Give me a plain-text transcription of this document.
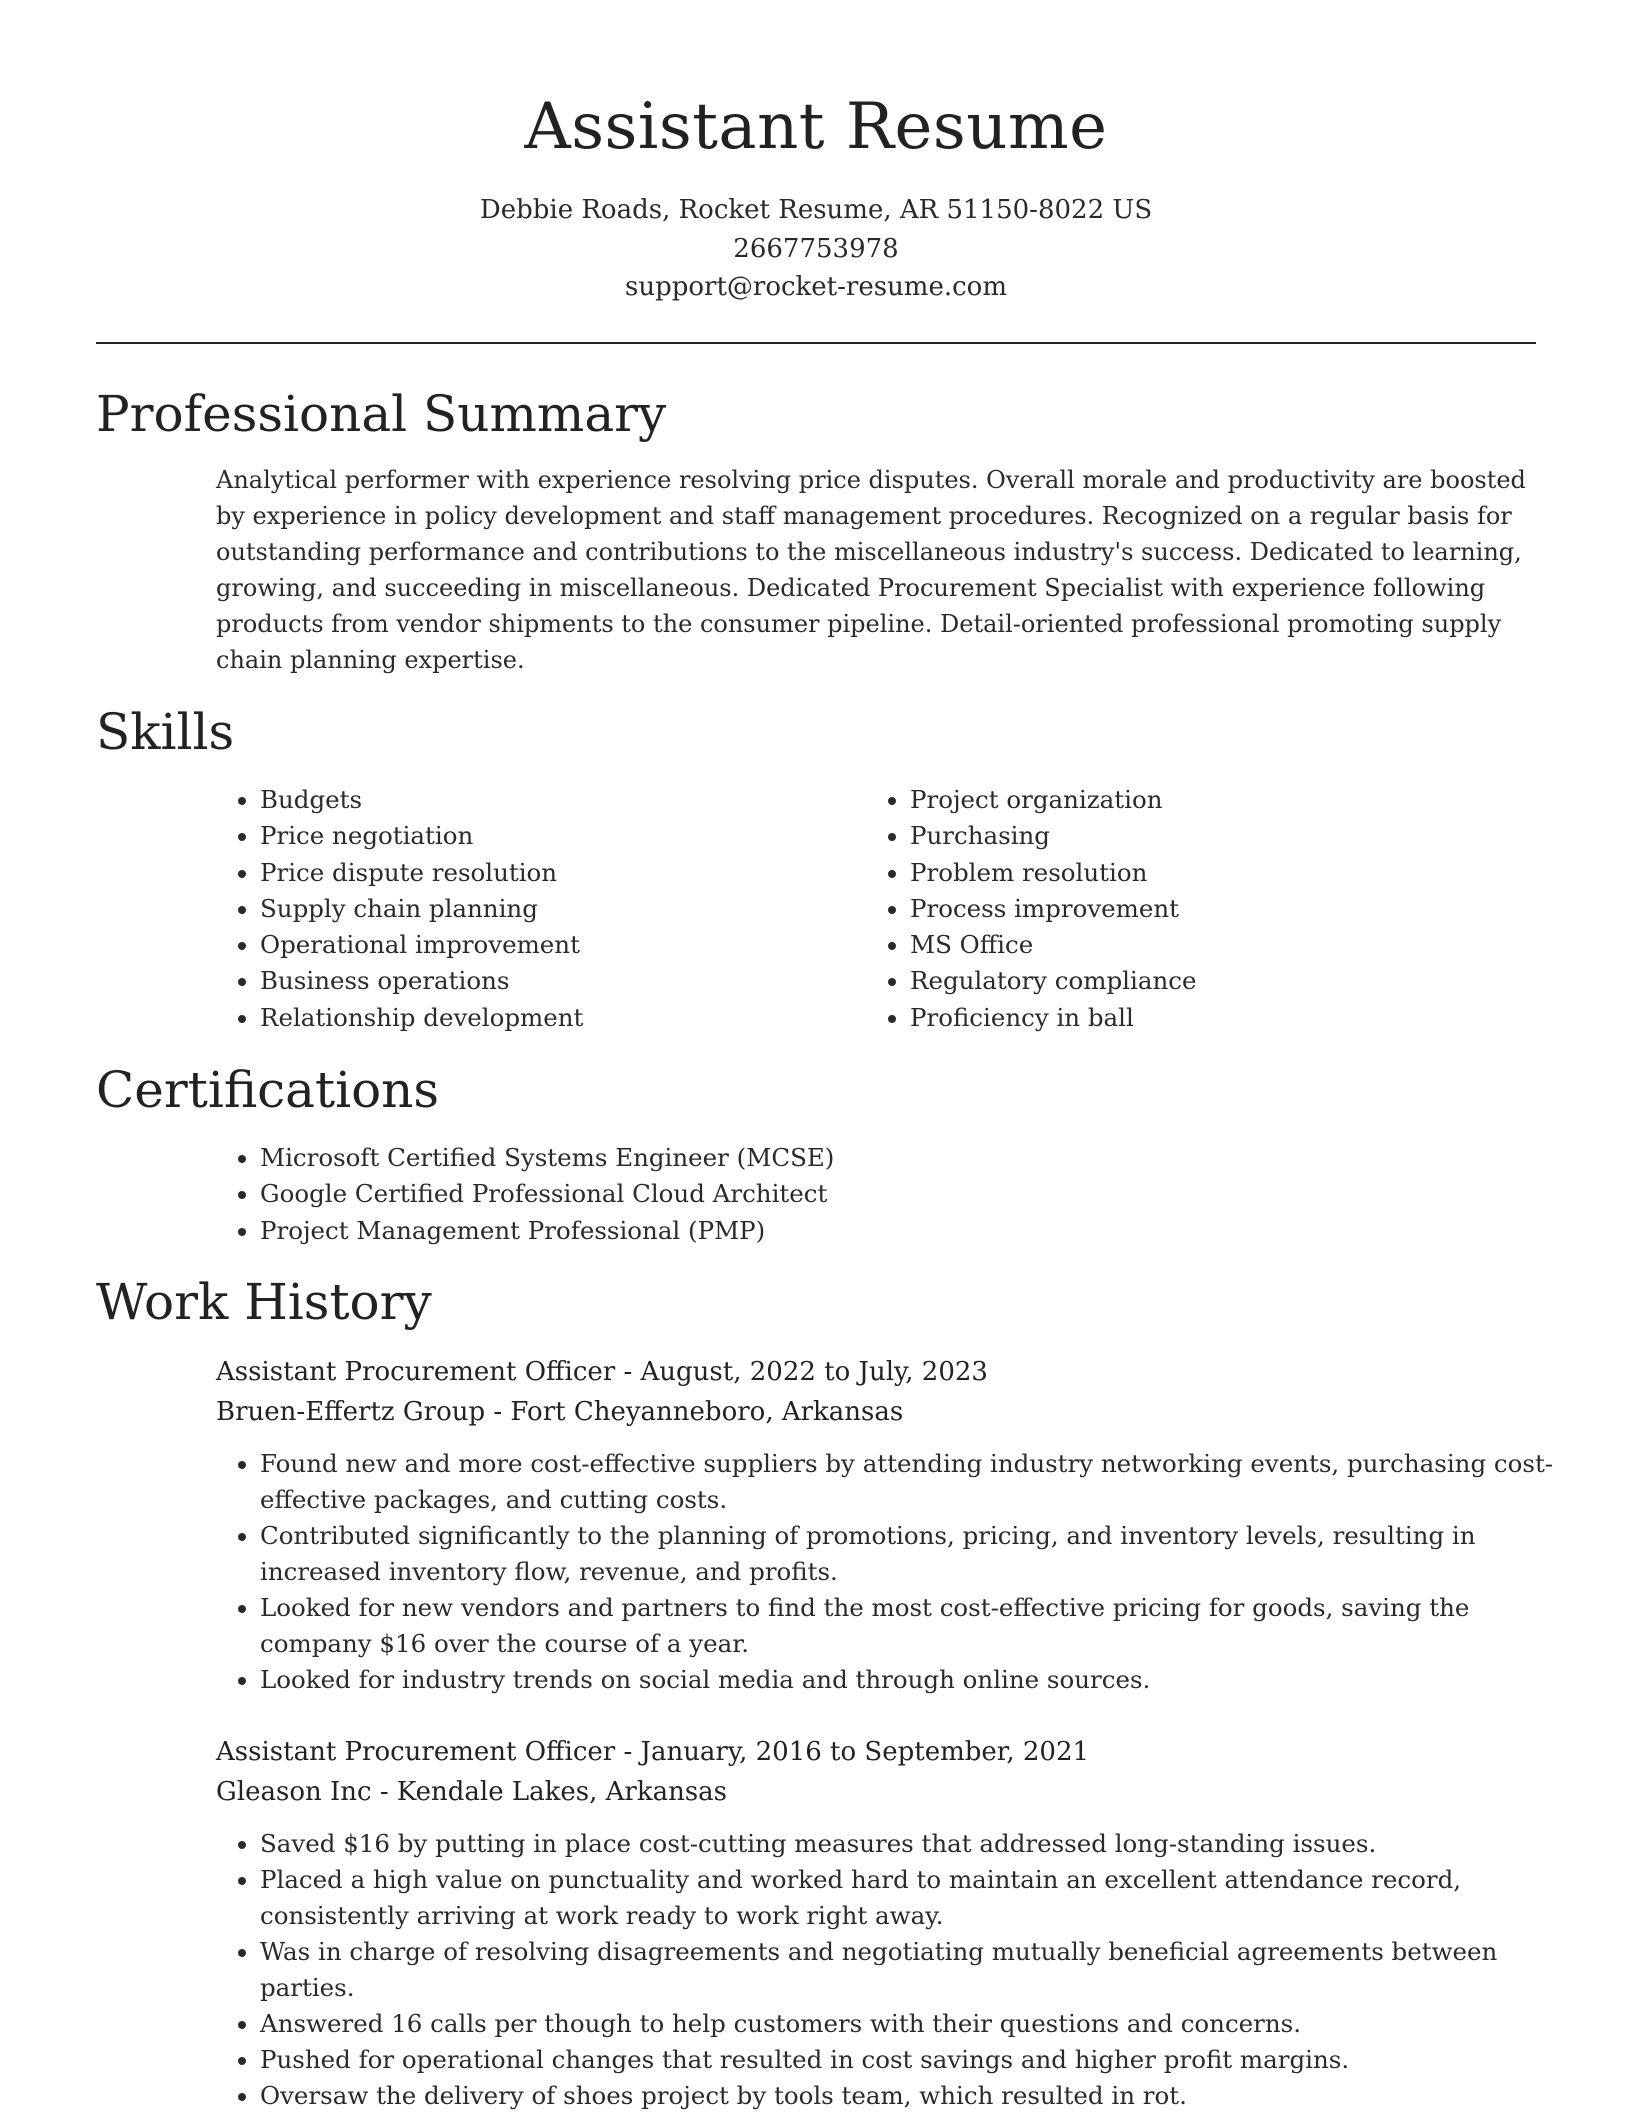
Assistant Resume
Debbie Roads, Rocket Resume, AR 51150-8022 US
2667753978
support@rocket-resume.com
Professional Summary

Analytical performer with experience resolving price disputes. Overall morale and productivity are boosted by experience in policy development and staff management procedures. Recognized on a regular basis for outstanding performance and contributions to the miscellaneous industry's success. Dedicated to learning, growing, and succeeding in miscellaneous. Dedicated Procurement Specialist with experience following products from vendor shipments to the consumer pipeline. Detail-oriented professional promoting supply chain planning expertise.

Skills
• Budgets
• Price negotiation
• Price dispute resolution
• Supply chain planning
• Operational improvement
• Business operations
• Relationship development
• Project organization
• Purchasing
• Problem resolution
• Process improvement
• MS Office
• Regulatory compliance
• Proficiency in ball
Certifications
• Microsoft Certified Systems Engineer (MCSE)
• Google Certified Professional Cloud Architect
• Project Management Professional (PMP)
Work History
Assistant Procurement Officer - August, 2022 to July, 2023
Bruen-Effertz Group - Fort Cheyanneboro, Arkansas
• Found new and more cost-effective suppliers by attending industry networking events, purchasing cost-effective packages, and cutting costs.
• Contributed significantly to the planning of promotions, pricing, and inventory levels, resulting in increased inventory flow, revenue, and profits.
• Looked for new vendors and partners to find the most cost-effective pricing for goods, saving the company $16 over the course of a year.
• Looked for industry trends on social media and through online sources.
Assistant Procurement Officer - January, 2016 to September, 2021
Gleason Inc - Kendale Lakes, Arkansas
• Saved $16 by putting in place cost-cutting measures that addressed long-standing issues.
• Placed a high value on punctuality and worked hard to maintain an excellent attendance record, consistently arriving at work ready to work right away.
• Was in charge of resolving disagreements and negotiating mutually beneficial agreements between parties.
• Answered 16 calls per though to help customers with their questions and concerns.
• Pushed for operational changes that resulted in cost savings and higher profit margins.
• Oversaw the delivery of shoes project by tools team, which resulted in rot.
